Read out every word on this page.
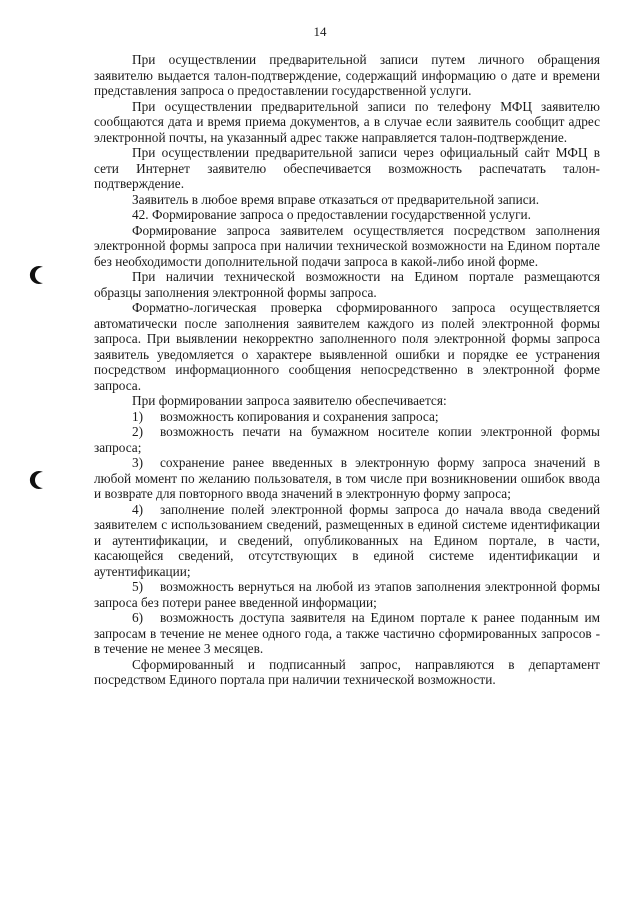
14

При осуществлении предварительной записи путем личного обращения заявителю выдается талон-подтверждение, содержащий информацию о дате и времени представления запроса о предоставлении государственной услуги.

При осуществлении предварительной записи по телефону МФЦ заявителю сообщаются дата и время приема документов, а в случае если заявитель сообщит адрес электронной почты, на указанный адрес также направляется талон-подтверждение.

При осуществлении предварительной записи через официальный сайт МФЦ в сети Интернет заявителю обеспечивается возможность распечатать талон-подтверждение.

Заявитель в любое время вправе отказаться от предварительной записи.

42. Формирование запроса о предоставлении государственной услуги.

Формирование запроса заявителем осуществляется посредством заполнения электронной формы запроса при наличии технической возможности на Едином портале без необходимости дополнительной подачи запроса в какой-либо иной форме.

При наличии технической возможности на Едином портале размещаются образцы заполнения электронной формы запроса.

Форматно-логическая проверка сформированного запроса осуществляется автоматически после заполнения заявителем каждого из полей электронной формы запроса. При выявлении некорректно заполненного поля электронной формы запроса заявитель уведомляется о характере выявленной ошибки и порядке ее устранения посредством информационного сообщения непосредственно в электронной форме запроса.

При формировании запроса заявителю обеспечивается:

1) возможность копирования и сохранения запроса;

2) возможность печати на бумажном носителе копии электронной формы запроса;

3) сохранение ранее введенных в электронную форму запроса значений в любой момент по желанию пользователя, в том числе при возникновении ошибок ввода и возврате для повторного ввода значений в электронную форму запроса;

4) заполнение полей электронной формы запроса до начала ввода сведений заявителем с использованием сведений, размещенных в единой системе идентификации и аутентификации, и сведений, опубликованных на Едином портале, в части, касающейся сведений, отсутствующих в единой системе идентификации и аутентификации;

5) возможность вернуться на любой из этапов заполнения электронной формы запроса без потери ранее введенной информации;

6) возможность доступа заявителя на Едином портале к ранее поданным им запросам в течение не менее одного года, а также частично сформированных запросов - в течение не менее 3 месяцев.

Сформированный и подписанный запрос, направляются в департамент посредством Единого портала при наличии технической возможности.
